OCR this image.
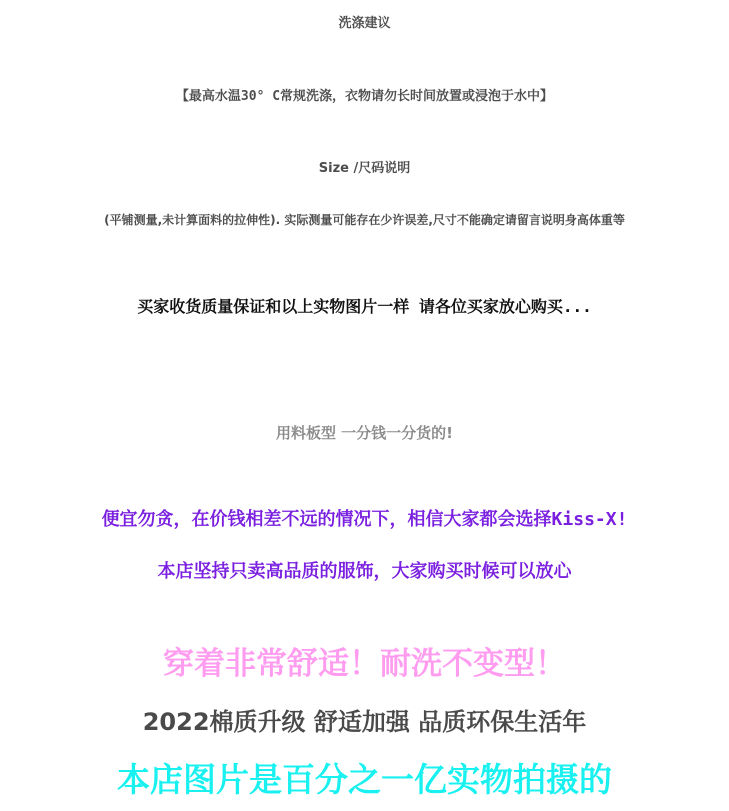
洗涤建议
【最高水温30° C常规洗涤，衣物请勿长时间放置或浸泡于水中】
Size /尺码说明
(平铺测量,未计算面料的拉伸性). 实际测量可能存在少许误差,尺寸不能确定请留言说明身高体重等
买家收货质量保证和以上实物图片一样 请各位买家放心购买...
用料板型 一分钱一分货的!
便宜勿贪，在价钱相差不远的情况下，相信大家都会选择Kiss-X!
本店坚持只卖高品质的服饰，大家购买时候可以放心
穿着非常舒适！耐洗不变型！
2022棉质升级 舒适加强 品质环保生活年
本店图片是百分之一亿实物拍摄的
